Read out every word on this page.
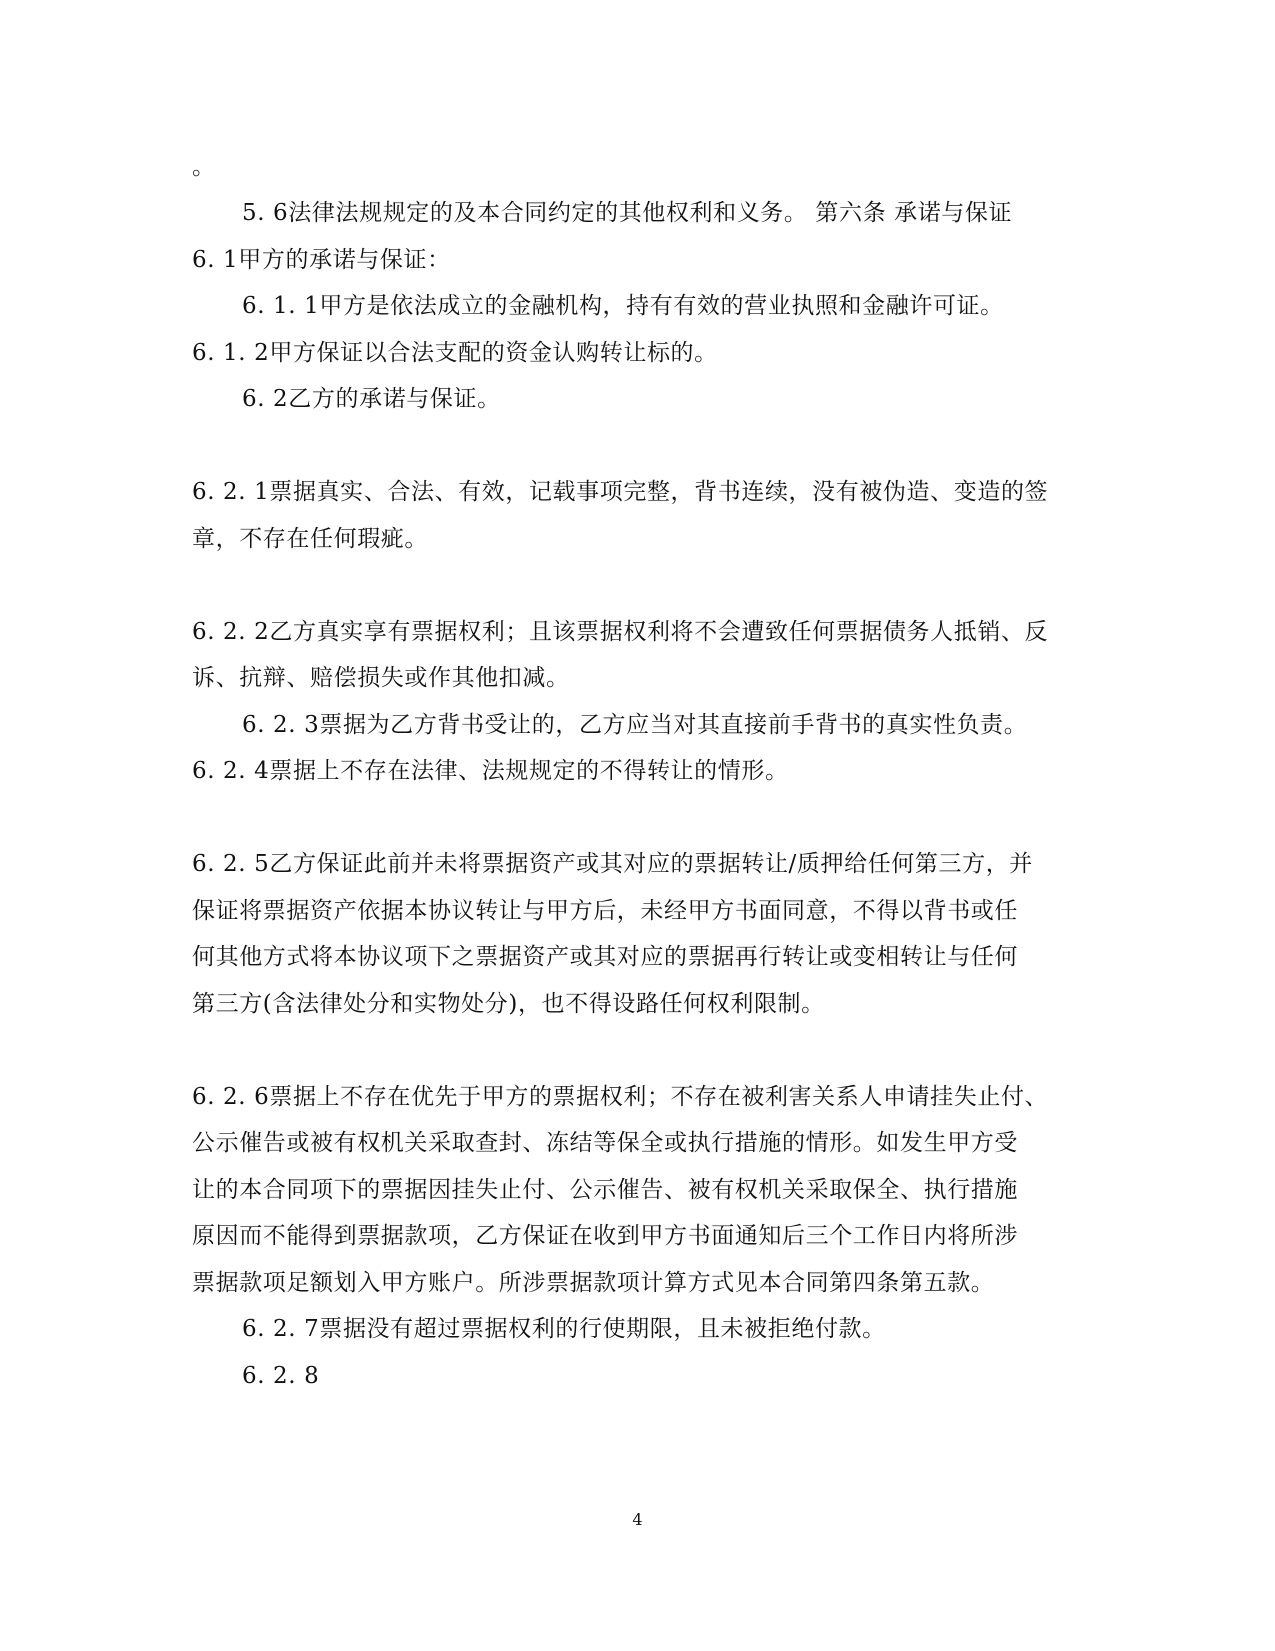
。
5. 6法律法规规定的及本合同约定的其他权利和义务。 第六条 承诺与保证
6. 1甲方的承诺与保证：
6. 1. 1甲方是依法成立的金融机构，持有有效的营业执照和金融许可证。
6. 1. 2甲方保证以合法支配的资金认购转让标的。
6. 2乙方的承诺与保证。
6. 2. 1票据真实、合法、有效，记载事项完整，背书连续，没有被伪造、变造的签
章，不存在任何瑕疵。
6. 2. 2乙方真实享有票据权利；且该票据权利将不会遭致任何票据债务人抵销、反
诉、抗辩、赔偿损失或作其他扣减。
6. 2. 3票据为乙方背书受让的，乙方应当对其直接前手背书的真实性负责。
6. 2. 4票据上不存在法律、法规规定的不得转让的情形。
6. 2. 5乙方保证此前并未将票据资产或其对应的票据转让/质押给任何第三方，并
保证将票据资产依据本协议转让与甲方后，未经甲方书面同意，不得以背书或任
何其他方式将本协议项下之票据资产或其对应的票据再行转让或变相转让与任何
第三方(含法律处分和实物处分)，也不得设路任何权利限制。
6. 2. 6票据上不存在优先于甲方的票据权利；不存在被利害关系人申请挂失止付、
公示催告或被有权机关采取查封、冻结等保全或执行措施的情形。如发生甲方受
让的本合同项下的票据因挂失止付、公示催告、被有权机关采取保全、执行措施
原因而不能得到票据款项，乙方保证在收到甲方书面通知后三个工作日内将所涉
票据款项足额划入甲方账户。所涉票据款项计算方式见本合同第四条第五款。
6. 2. 7票据没有超过票据权利的行使期限，且未被拒绝付款。
6. 2. 8
4
